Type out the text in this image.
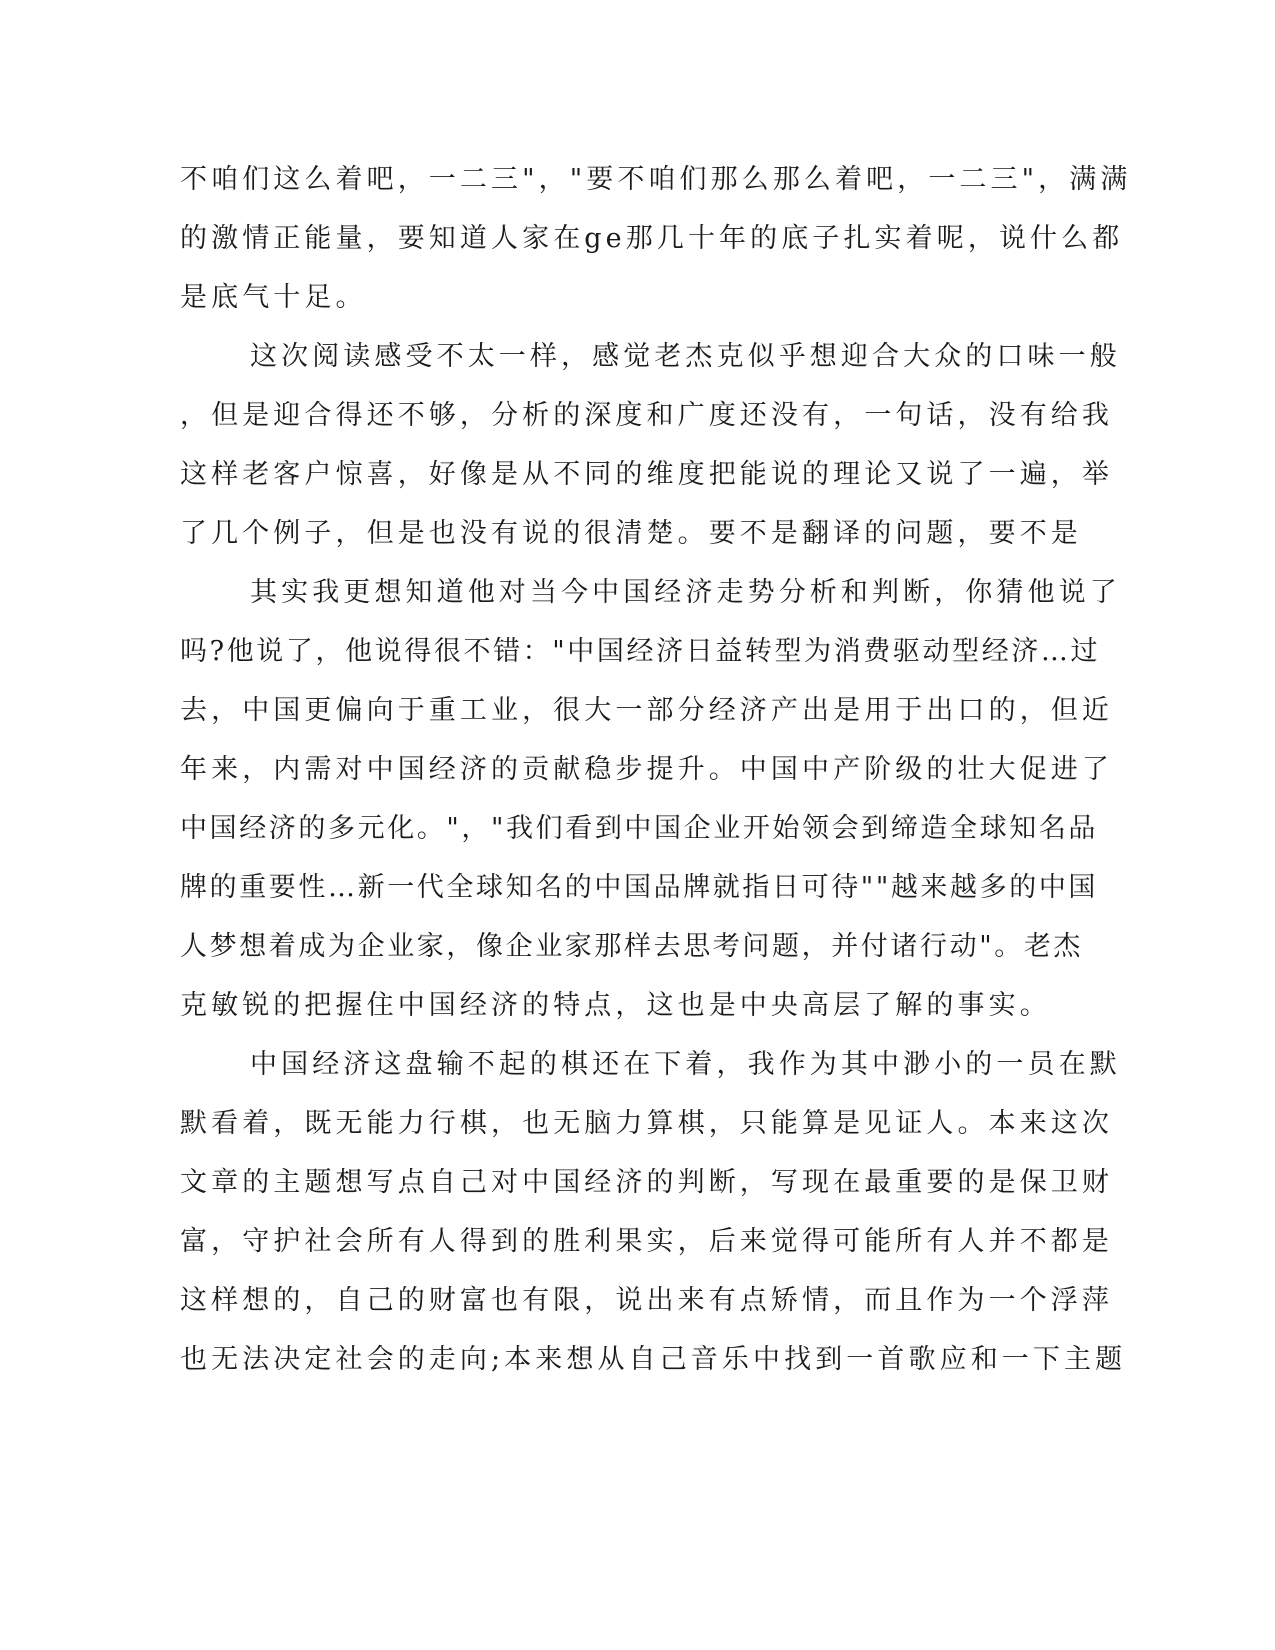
不咱们这么着吧，一二三"，"要不咱们那么那么着吧，一二三"，满满
的激情正能量，要知道人家在ge那几十年的底子扎实着呢，说什么都
是底气十足。
这次阅读感受不太一样，感觉老杰克似乎想迎合大众的口味一般
，但是迎合得还不够，分析的深度和广度还没有，一句话，没有给我
这样老客户惊喜，好像是从不同的维度把能说的理论又说了一遍，举
了几个例子，但是也没有说的很清楚。要不是翻译的问题，要不是
其实我更想知道他对当今中国经济走势分析和判断，你猜他说了
吗?他说了，他说得很不错："中国经济日益转型为消费驱动型经济…过
去，中国更偏向于重工业，很大一部分经济产出是用于出口的，但近
年来，内需对中国经济的贡献稳步提升。中国中产阶级的壮大促进了
中国经济的多元化。"，"我们看到中国企业开始领会到缔造全球知名品
牌的重要性…新一代全球知名的中国品牌就指日可待""越来越多的中国
人梦想着成为企业家，像企业家那样去思考问题，并付诸行动"。老杰
克敏锐的把握住中国经济的特点，这也是中央高层了解的事实。
中国经济这盘输不起的棋还在下着，我作为其中渺小的一员在默
默看着，既无能力行棋，也无脑力算棋，只能算是见证人。本来这次
文章的主题想写点自己对中国经济的判断，写现在最重要的是保卫财
富，守护社会所有人得到的胜利果实，后来觉得可能所有人并不都是
这样想的，自己的财富也有限，说出来有点矫情，而且作为一个浮萍
也无法决定社会的走向;本来想从自己音乐中找到一首歌应和一下主题
